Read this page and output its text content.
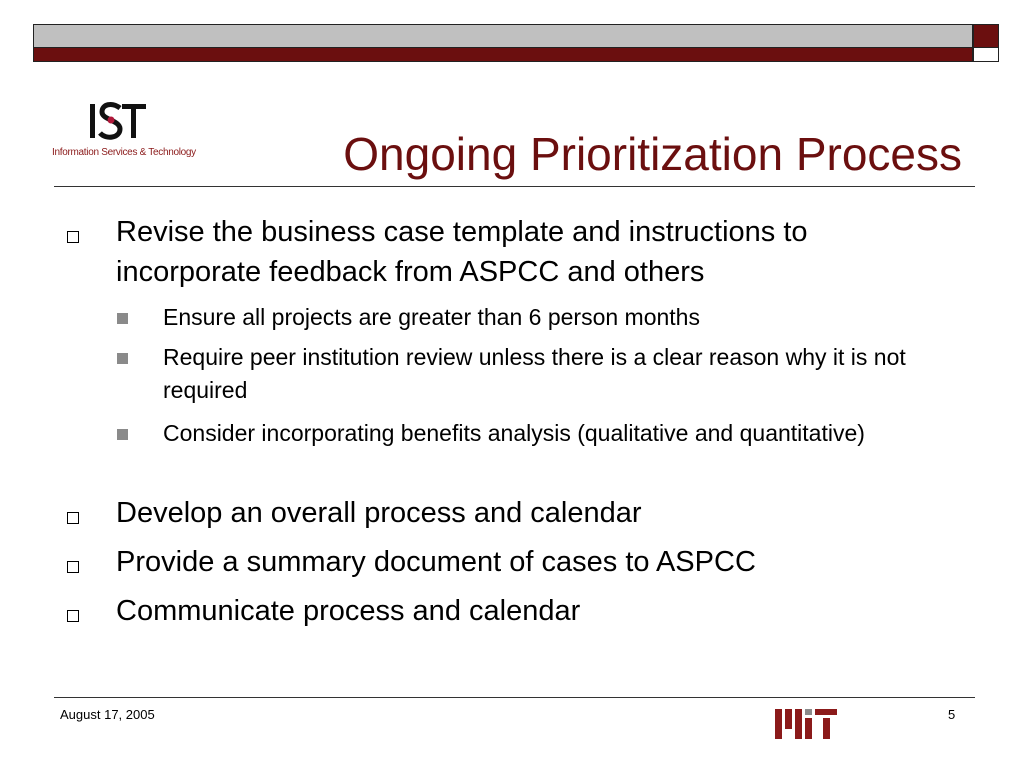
Information Services & Technology	Ongoing Prioritization Process
Revise the business case template and instructions to incorporate feedback from ASPCC and others
Ensure all projects are greater than 6 person months
Require peer institution review unless there is a clear reason why it is not required
Consider incorporating benefits analysis (qualitative and quantitative)
Develop an overall process and calendar
Provide a summary document of cases to ASPCC
Communicate process and calendar
August 17, 2005	5
